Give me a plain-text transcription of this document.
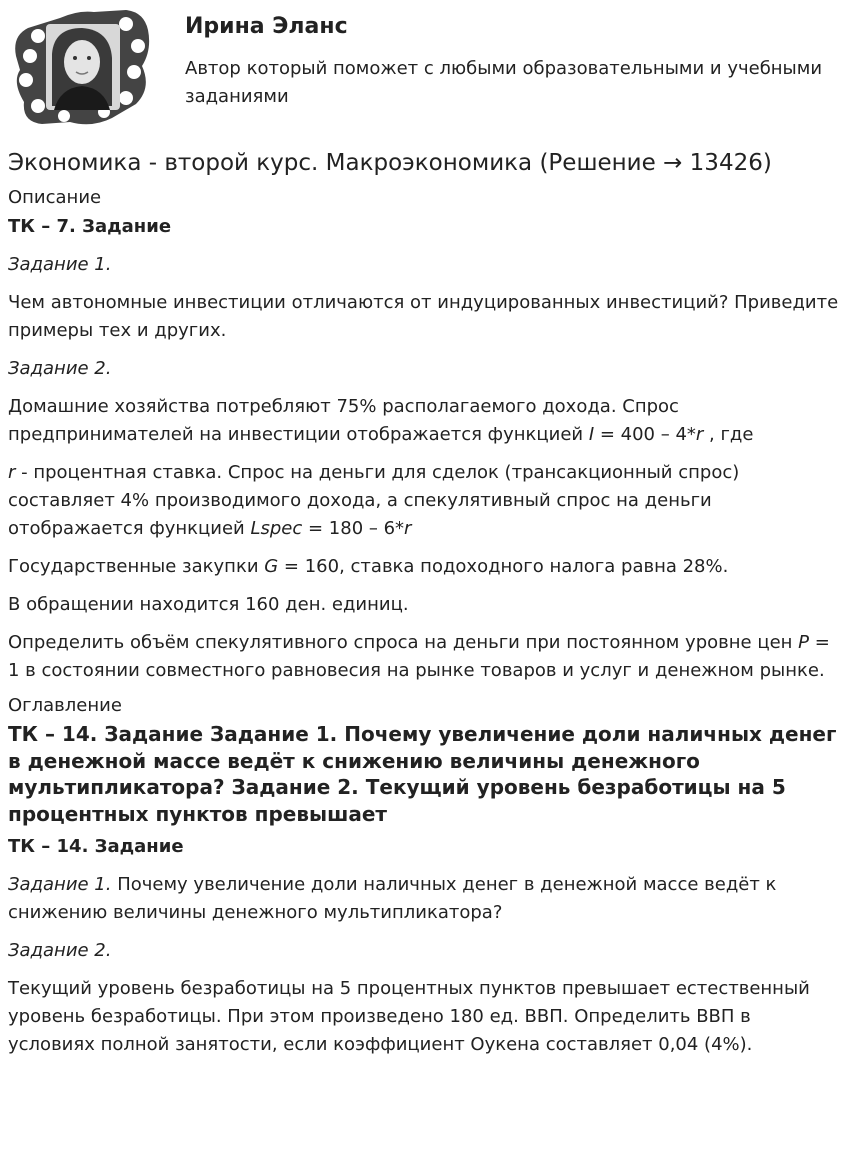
Ирина Эланс
Автор который поможет с любыми образовательными и учебными заданиями
Экономика - второй курс. Макроэкономика (Решение → 13426)
Описание

ТК – 7. Задание

Задание 1.

Чем автономные инвестиции отличаются от индуцированных инвестиций? Приведите примеры тех и других.

Задание 2.

Домашние хозяйства потребляют 75% располагаемого дохода. Спрос предпринимателей на инвестиции отображается функцией I = 400 – 4*r , где

r - процентная ставка. Спрос на деньги для сделок (трансакционный спрос) составляет 4% производимого дохода, а спекулятивный спрос на деньги отображается функцией Lspec = 180 – 6*r

Государственные закупки G = 160, ставка подоходного налога равна 28%.

В обращении находится 160 ден. единиц.

Определить объём спекулятивного спроса на деньги при постоянном уровне цен P = 1 в состоянии совместного равновесия на рынке товаров и услуг и денежном рынке.

Оглавление
ТК – 14. Задание Задание 1. Почему увеличение доли наличных денег в денежной массе ведёт к снижению величины денежного мультипликатора? Задание 2. Текущий уровень безработицы на 5 процентных пунктов превышает

ТК – 14. Задание

Задание 1. Почему увеличение доли наличных денег в денежной массе ведёт к снижению величины денежного мультипликатора?

Задание 2.

Текущий уровень безработицы на 5 процентных пунктов превышает естественный уровень безработицы. При этом произведено 180 ед. ВВП. Определить ВВП в условиях полной занятости, если коэффициент Оукена составляет 0,04 (4%).
